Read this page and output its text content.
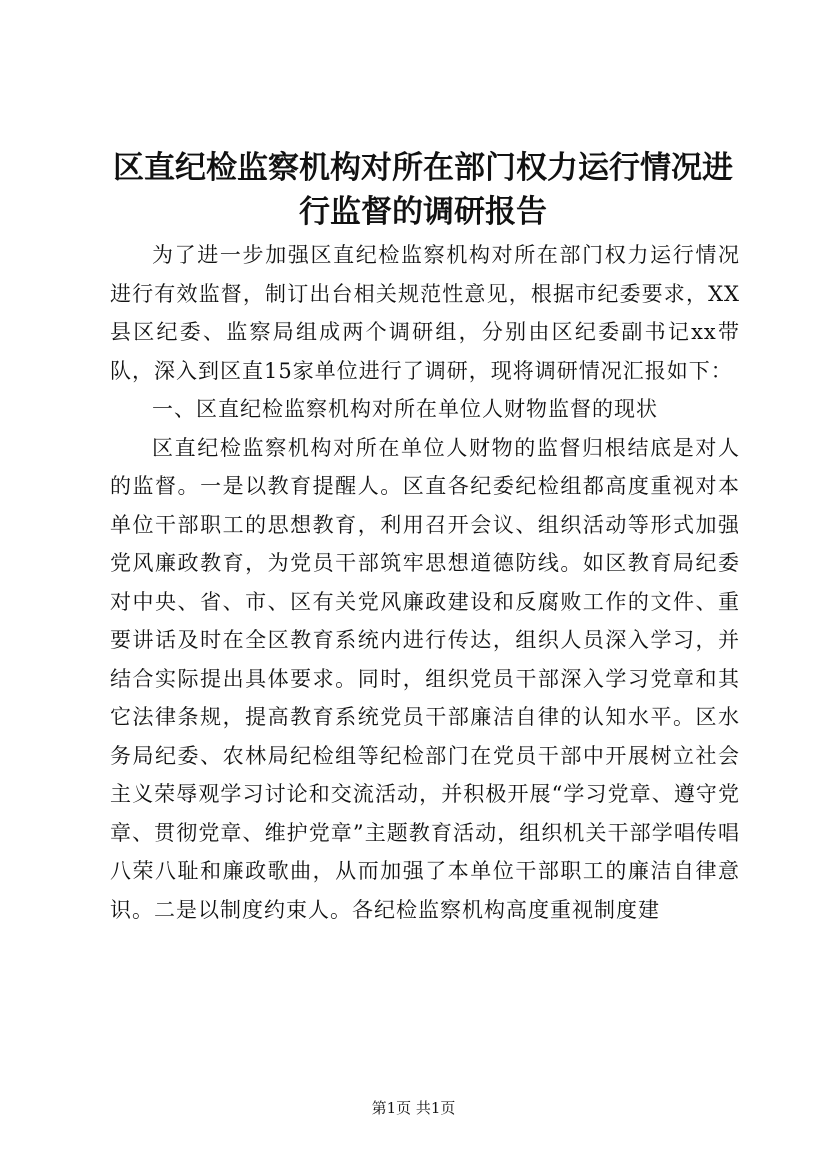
区直纪检监察机构对所在部门权力运行情况进行监督的调研报告

为了进一步加强区直纪检监察机构对所在部门权力运行情况进行有效监督，制订出台相关规范性意见，根据市纪委要求，XX县区纪委、监察局组成两个调研组，分别由区纪委副书记xx带队，深入到区直15家单位进行了调研，现将调研情况汇报如下：

一、区直纪检监察机构对所在单位人财物监督的现状

区直纪检监察机构对所在单位人财物的监督归根结底是对人的监督。一是以教育提醒人。区直各纪委纪检组都高度重视对本单位干部职工的思想教育，利用召开会议、组织活动等形式加强党风廉政教育，为党员干部筑牢思想道德防线。如区教育局纪委对中央、省、市、区有关党风廉政建设和反腐败工作的文件、重要讲话及时在全区教育系统内进行传达，组织人员深入学习，并结合实际提出具体要求。同时，组织党员干部深入学习党章和其它法律条规，提高教育系统党员干部廉洁自律的认知水平。区水务局纪委、农林局纪检组等纪检部门在党员干部中开展树立社会主义荣辱观学习讨论和交流活动，并积极开展“学习党章、遵守党章、贯彻党章、维护党章”主题教育活动，组织机关干部学唱传唱八荣八耻和廉政歌曲，从而加强了本单位干部职工的廉洁自律意识。二是以制度约束人。各纪检监察机构高度重视制度建

第1页 共1页
